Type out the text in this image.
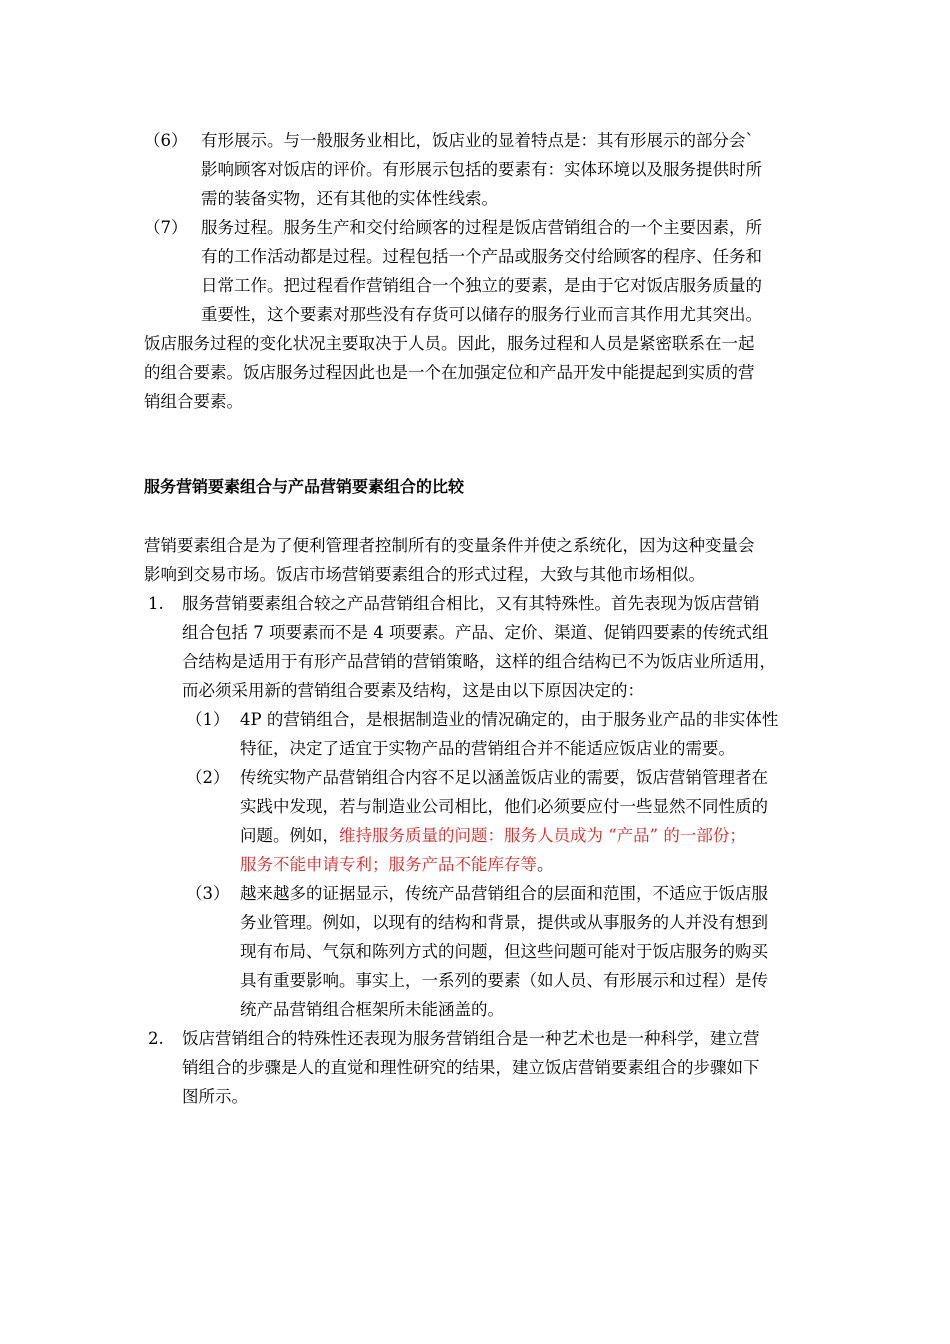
（6） 有形展示。与一般服务业相比，饭店业的显着特点是：其有形展示的部分会`
影响顾客对饭店的评价。有形展示包括的要素有：实体环境以及服务提供时所
需的装备实物，还有其他的实体性线索。
（7） 服务过程。服务生产和交付给顾客的过程是饭店营销组合的一个主要因素，所
有的工作活动都是过程。过程包括一个产品或服务交付给顾客的程序、任务和
日常工作。把过程看作营销组合一个独立的要素，是由于它对饭店服务质量的
重要性，这个要素对那些没有存货可以储存的服务行业而言其作用尤其突出。
饭店服务过程的变化状况主要取决于人员。因此，服务过程和人员是紧密联系在一起
的组合要素。饭店服务过程因此也是一个在加强定位和产品开发中能提起到实质的营
销组合要素。
服务营销要素组合与产品营销要素组合的比较
营销要素组合是为了便利管理者控制所有的变量条件并使之系统化，因为这种变量会
影响到交易市场。饭店市场营销要素组合的形式过程，大致与其他市场相似。
1. 服务营销要素组合较之产品营销组合相比，又有其特殊性。首先表现为饭店营销
组合包括 7 项要素而不是 4 项要素。产品、定价、渠道、促销四要素的传统式组
合结构是适用于有形产品营销的营销策略，这样的组合结构已不为饭店业所适用，
而必须采用新的营销组合要素及结构，这是由以下原因决定的：
（1） 4P 的营销组合，是根据制造业的情况确定的，由于服务业产品的非实体性
特征，决定了适宜于实物产品的营销组合并不能适应饭店业的需要。
（2） 传统实物产品营销组合内容不足以涵盖饭店业的需要，饭店营销管理者在
实践中发现，若与制造业公司相比，他们必须要应付一些显然不同性质的
问题。例如，维持服务质量的问题：服务人员成为 “产品” 的一部份；
服务不能申请专利；服务产品不能库存等。
（3） 越来越多的证据显示，传统产品营销组合的层面和范围，不适应于饭店服
务业管理。例如，以现有的结构和背景，提供或从事服务的人并没有想到
现有布局、气氛和陈列方式的问题，但这些问题可能对于饭店服务的购买
具有重要影响。事实上，一系列的要素（如人员、有形展示和过程）是传
统产品营销组合框架所未能涵盖的。
2. 饭店营销组合的特殊性还表现为服务营销组合是一种艺术也是一种科学，建立营
销组合的步骤是人的直觉和理性研究的结果，建立饭店营销要素组合的步骤如下
图所示。
